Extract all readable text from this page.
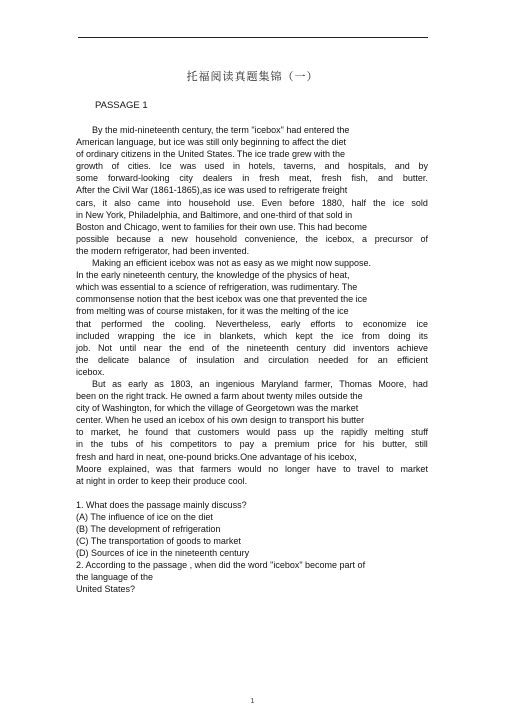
托福阅读真题集锦（一）
PASSAGE 1
By the mid-nineteenth century, the term "icebox" had entered the
American language, but ice was still only beginning to affect the diet
of ordinary citizens in the United States. The ice trade grew with the
growth of cities. Ice was used in hotels, taverns, and hospitals, and by
some forward-looking city dealers in fresh meat, fresh fish, and butter.
After the Civil War (1861-1865),as ice was used to refrigerate freight
cars, it also came into household use. Even before 1880, half the ice sold
in New York, Philadelphia, and Baltimore, and one-third of that sold in
Boston and Chicago, went to families for their own use. This had become
possible because a new household convenience, the icebox, a precursor of
the modern refrigerator, had been invented.
Making an efficient icebox was not as easy as we might now suppose.
In the early nineteenth century, the knowledge of the physics of heat,
which was essential to a science of refrigeration, was rudimentary. The
commonsense notion that the best icebox was one that prevented the ice
from melting was of course mistaken, for it was the melting of the ice
that performed the cooling. Nevertheless, early efforts to economize ice
included wrapping the ice in blankets, which kept the ice from doing its
job. Not until near the end of the nineteenth century did inventors achieve
the delicate balance of insulation and circulation needed for an efficient
icebox.
But as early as 1803, an ingenious Maryland farmer, Thomas Moore, had
been on the right track. He owned a farm about twenty miles outside the
city of Washington, for which the village of Georgetown was the market
center. When he used an icebox of his own design to transport his butter
to market, he found that customers would pass up the rapidly melting stuff
in the tubs of his competitors to pay a premium price for his butter, still
fresh and hard in neat, one-pound bricks.One advantage of his icebox,
Moore explained, was that farmers would no longer have to travel to market
at night in order to keep their produce cool.
1. What does the passage mainly discuss?
(A) The influence of ice on the diet
(B) The development of refrigeration
(C) The transportation of goods to market
(D) Sources of ice in the nineteenth century
2. According to the passage , when did the word "icebox" become part of
the language of the
United States?
1
